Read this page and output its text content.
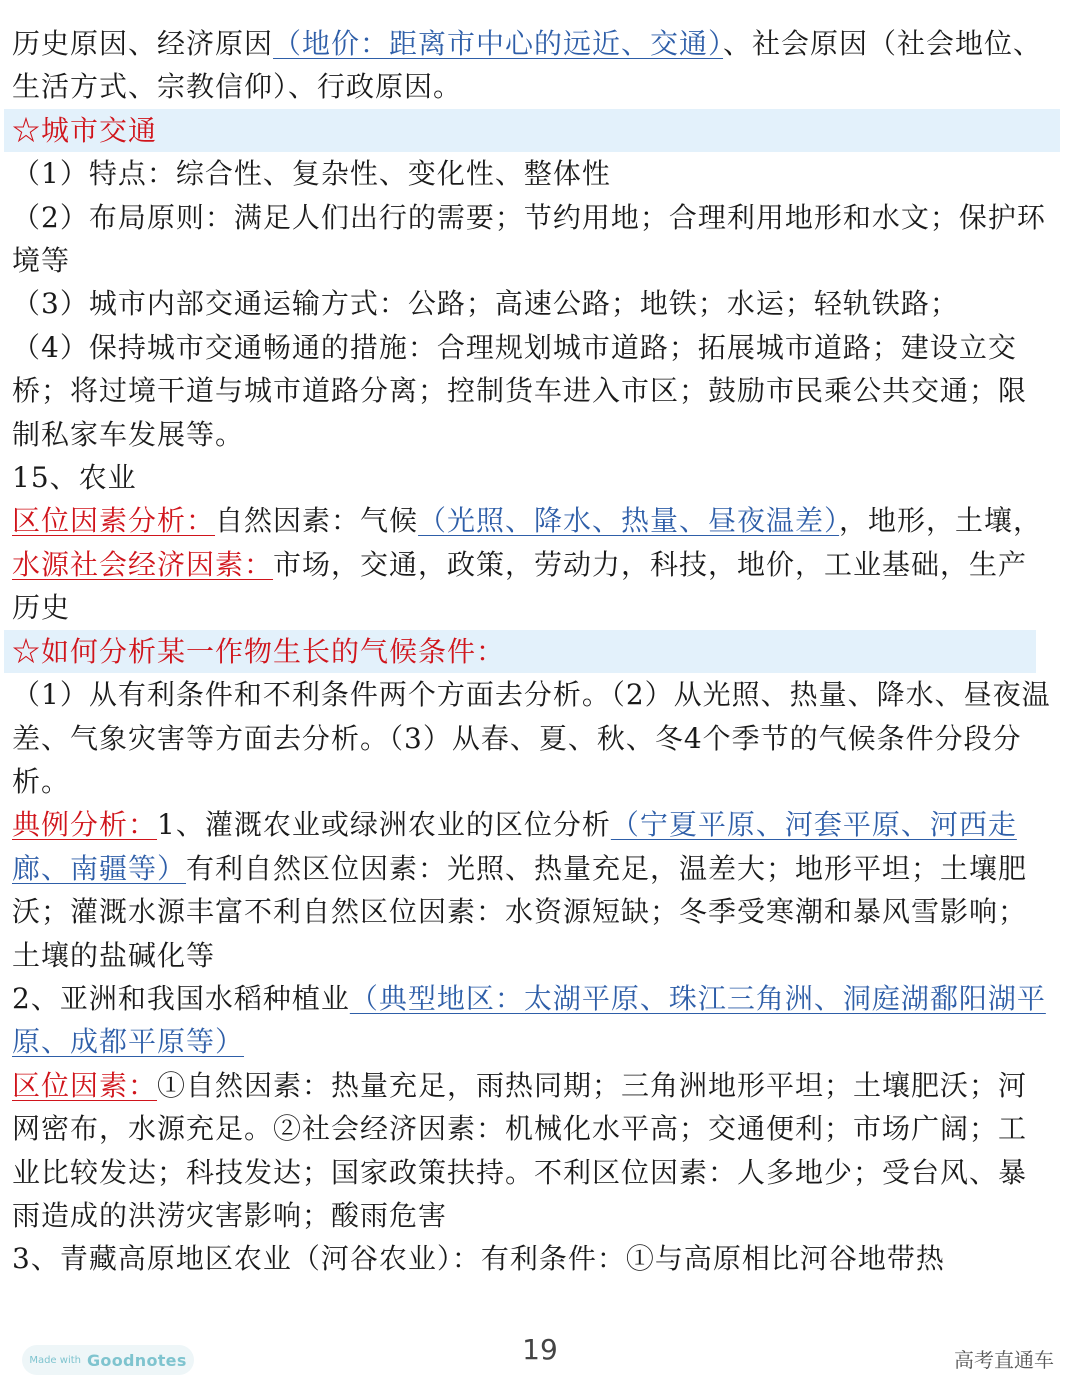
历史原因、经济原因（地价：距离市中心的远近、交通）、社会原因（社会地位、生活方式、宗教信仰）、行政原因。

☆城市交通

（1）特点：综合性、复杂性、变化性、整体性

（2）布局原则：满足人们出行的需要；节约用地；合理利用地形和水文；保护环境等

（3）城市内部交通运输方式：公路；高速公路；地铁；水运；轻轨铁路；

（4）保持城市交通畅通的措施：合理规划城市道路；拓展城市道路；建设立交桥；将过境干道与城市道路分离；控制货车进入市区；鼓励市民乘公共交通；限制私家车发展等。

15、农业

区位因素分析：自然因素：气候（光照、降水、热量、昼夜温差），地形，土壤，水源社会经济因素：市场，交通，政策，劳动力，科技，地价，工业基础，生产历史

☆如何分析某一作物生长的气候条件：

（1）从有利条件和不利条件两个方面去分析。（2）从光照、热量、降水、昼夜温差、气象灾害等方面去分析。（3）从春、夏、秋、冬4个季节的气候条件分段分析。

典例分析：1、灌溉农业或绿洲农业的区位分析（宁夏平原、河套平原、河西走廊、南疆等）有利自然区位因素：光照、热量充足，温差大；地形平坦；土壤肥沃；灌溉水源丰富不利自然区位因素：水资源短缺；冬季受寒潮和暴风雪影响；土壤的盐碱化等

2、亚洲和我国水稻种植业（典型地区：太湖平原、珠江三角洲、洞庭湖鄱阳湖平原、成都平原等）

区位因素：①自然因素：热量充足，雨热同期；三角洲地形平坦；土壤肥沃；河网密布，水源充足。②社会经济因素：机械化水平高；交通便利；市场广阔；工业比较发达；科技发达；国家政策扶持。不利区位因素：人多地少；受台风、暴雨造成的洪涝灾害影响；酸雨危害

3、青藏高原地区农业（河谷农业）：有利条件：①与高原相比河谷地带热

Made with Goodnotes	19	高考直通车
